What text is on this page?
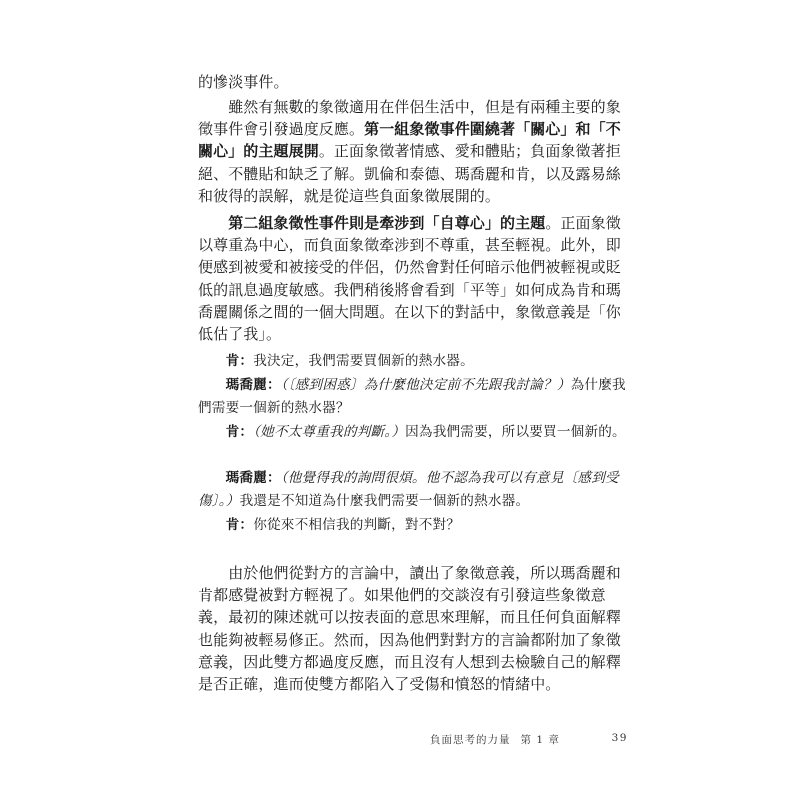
的慘淡事件。

　　雖然有無數的象徵適用在伴侶生活中，但是有兩種主要的象徵事件會引發過度反應。第一組象徵事件圍繞著「關心」和「不關心」的主題展開。正面象徵著情感、愛和體貼；負面象徵著拒絕、不體貼和缺乏了解。凱倫和泰德、瑪喬麗和肯，以及露易絲和彼得的誤解，就是從這些負面象徵展開的。

　　第二組象徵性事件則是牽涉到「自尊心」的主題。正面象徵以尊重為中心，而負面象徵牽涉到不尊重，甚至輕視。此外，即便感到被愛和被接受的伴侶，仍然會對任何暗示他們被輕視或貶低的訊息過度敏感。我們稍後將會看到「平等」如何成為肯和瑪喬麗關係之間的一個大問題。在以下的對話中，象徵意義是「你低估了我」。

　　肯：我決定，我們需要買個新的熱水器。

　　瑪喬麗：（〔感到困惑〕為什麼他決定前不先跟我討論？）為什麼我們需要一個新的熱水器？

　　肯：（她不太尊重我的判斷。）因為我們需要，所以要買一個新的。

　　瑪喬麗：（他覺得我的詢問很煩。他不認為我可以有意見〔感到受傷〕。）我還是不知道為什麼我們需要一個新的熱水器。

　　肯：你從來不相信我的判斷，對不對？

　　由於他們從對方的言論中，讀出了象徵意義，所以瑪喬麗和肯都感覺被對方輕視了。如果他們的交談沒有引發這些象徵意義，最初的陳述就可以按表面的意思來理解，而且任何負面解釋也能夠被輕易修正。然而，因為他們對對方的言論都附加了象徵意義，因此雙方都過度反應，而且沒有人想到去檢驗自己的解釋是否正確，進而使雙方都陷入了受傷和憤怒的情緒中。

負面思考的力量 第 1 章	39
